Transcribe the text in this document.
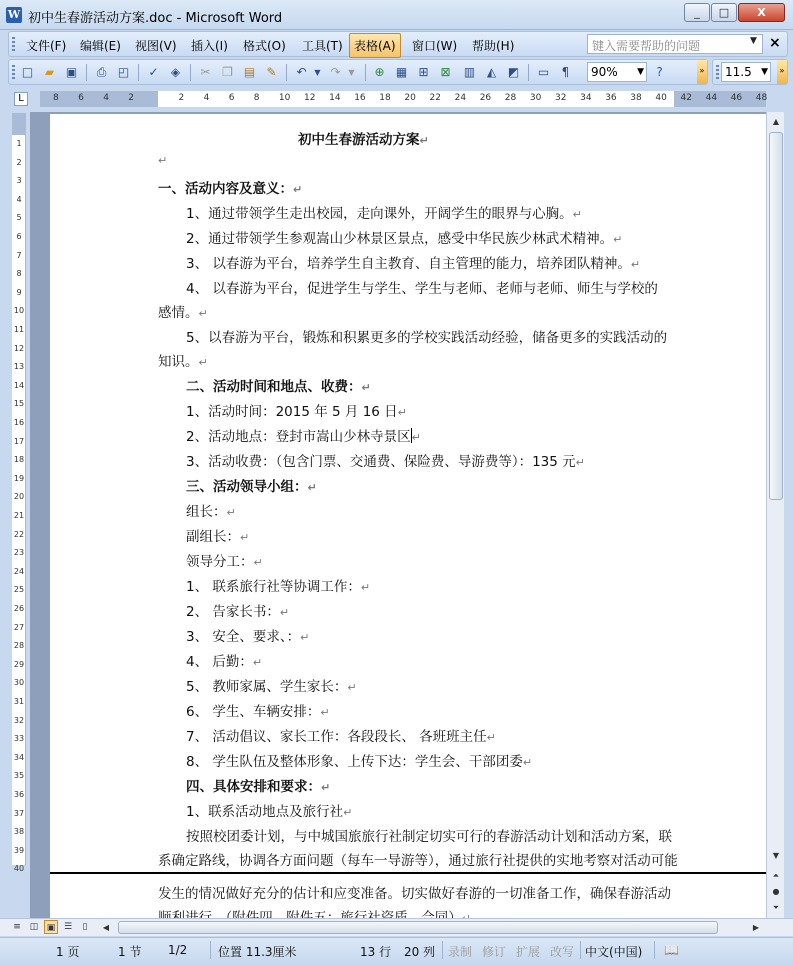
W 初中生春游活动方案.doc - Microsoft Word	_	□	X
文件(F) 编辑(E) 视图(V) 插入(I) 格式(O) 工具(T) 表格(A)	窗口(W) 帮助(H)	键入需要帮助的问题	▼ ×
□ ▰ ▣	⎙ ◰ ✓	◈	✂ ❐ ▤ ✎ ↶ ▼ ↷ ▼	⊕ ▦ ⊞ ⊠ ▥ ◭ ◩ ▭	¶	90% ▼	?	»	11.5 ▼	»
L	8 6 4 2	2 4 6 8 10 12 14 16 18 20 22 24 26 28 30 32 34 36 38 40 42 44 46 48
1
2
3
4
5
6
7
8
9
10
11
12
13
14
15
16
17
18
19
20
21
22
23
24
25
26
27
28
29
30
31
32
33
34
35
36
37
38
39
40
初中生春游活动方案↵
↵
一、活动内容及意义：↵
1、通过带领学生走出校园，走向课外，开阔学生的眼界与心胸。↵
2、通过带领学生参观嵩山少林景区景点，感受中华民族少林武术精神。↵
3、 以春游为平台，培养学生自主教育、自主管理的能力，培养团队精神。↵
4、 以春游为平台，促进学生与学生、学生与老师、老师与老师、师生与学校的
感情。↵
5、以春游为平台，锻炼和积累更多的学校实践活动经验，储备更多的实践活动的
知识。↵
二、活动时间和地点、收费：↵
1、活动时间：2015 年 5 月 16 日↵
2、活动地点：登封市嵩山少林寺景区↵
3、活动收费：（包含门票、交通费、保险费、导游费等）：135 元↵
三、活动领导小组：↵
组长：↵
副组长：↵
领导分工：↵
1、 联系旅行社等协调工作：↵
2、 告家长书：↵
3、 安全、要求、：↵
4、 后勤：↵
5、 教师家属、学生家长：↵
6、 学生、车辆安排：↵
7、 活动倡议、家长工作：各段段长、 各班班主任↵
8、 学生队伍及整体形象、上传下达：学生会、干部团委↵
四、具体安排和要求：↵
1、联系活动地点及旅行社↵
按照校团委计划，与中城国旅旅行社制定切实可行的春游活动计划和活动方案，联
系确定路线，协调各方面问题（每车一导游等），通过旅行社提供的实地考察对活动可能
发生的情况做好充分的估计和应变准备。切实做好春游的一切准备工作，确保春游活动
▲
▼
⏶
●
⏷
≡ ◫ ▣ ☰	▯	◀	▶
1 页	1 节 1/2	位置 11.3厘米	13 行 20 列 录制 修订 扩展 改写 中文(中国) 📖
